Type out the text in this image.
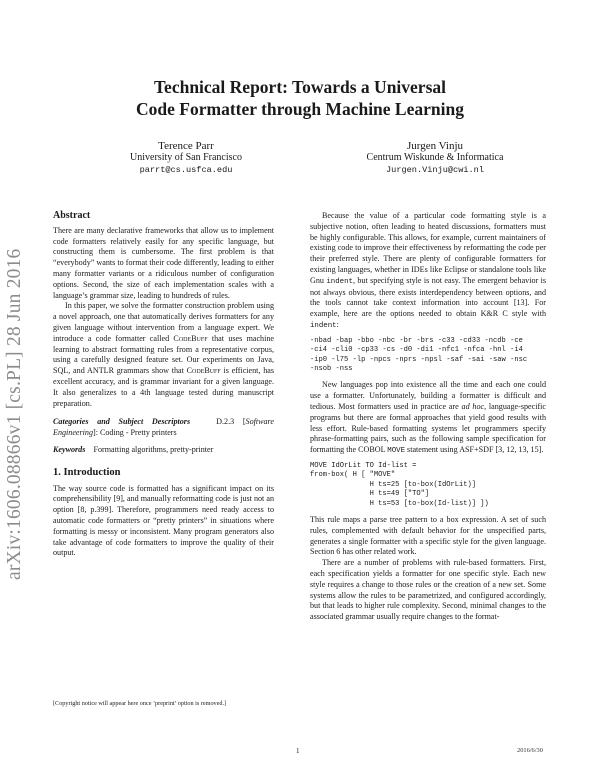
arXiv:1606.08866v1 [cs.PL] 28 Jun 2016
Technical Report: Towards a Universal
Code Formatter through Machine Learning
Terence Parr
University of San Francisco
parrt@cs.usfca.edu
Jurgen Vinju
Centrum Wiskunde & Informatica
Jurgen.Vinju@cwi.nl
Abstract

There are many declarative frameworks that allow us to implement code formatters relatively easily for any specific language, but constructing them is cumbersome. The first problem is that “everybody” wants to format their code differently, leading to either many formatter variants or a ridiculous number of configuration options. Second, the size of each implementation scales with a language’s grammar size, leading to hundreds of rules.

In this paper, we solve the formatter construction problem using a novel approach, one that automatically derives formatters for any given language without intervention from a language expert. We introduce a code formatter called CodeBuff that uses machine learning to abstract formatting rules from a representative corpus, using a carefully designed feature set. Our experiments on Java, SQL, and ANTLR grammars show that CodeBuff is efficient, has excellent accuracy, and is grammar invariant for a given language. It also generalizes to a 4th language tested during manuscript preparation.

Categories and Subject Descriptors	D.2.3 [Software Engineering]: Coding - Pretty printers

Keywords Formatting algorithms, pretty-printer

1. Introduction

The way source code is formatted has a significant impact on its comprehensibility [9], and manually reformatting code is just not an option [8, p.399]. Therefore, programmers need ready access to automatic code formatters or “pretty printers” in situations where formatting is messy or inconsistent. Many program generators also take advantage of code formatters to improve the quality of their output.

Because the value of a particular code formatting style is a subjective notion, often leading to heated discussions, formatters must be highly configurable. This allows, for example, current maintainers of existing code to improve their effectiveness by reformatting the code per their preferred style. There are plenty of configurable formatters for existing languages, whether in IDEs like Eclipse or standalone tools like Gnu indent, but specifying style is not easy. The emergent behavior is not always obvious, there exists interdependency between options, and the tools cannot take context information into account [13]. For example, here are the options needed to obtain K&R C style with indent:

-nbad -bap -bbo -nbc -br -brs -c33 -cd33 -ncdb -ce
-ci4 -cli0 -cp33 -cs -d0 -di1 -nfc1 -nfca -hnl -i4
-ip0 -l75 -lp -npcs -nprs -npsl -saf -sai -saw -nsc
-nsob -nss

New languages pop into existence all the time and each one could use a formatter. Unfortunately, building a formatter is difficult and tedious. Most formatters used in practice are ad hoc, language-specific programs but there are formal approaches that yield good results with less effort. Rule-based formatting systems let programmers specify phrase-formatting pairs, such as the following sample specification for formatting the COBOL MOVE statement using ASF+SDF [3, 12, 13, 15].

MOVE IdOrLit TO Id-list =
from-box( H [ "MOVE"
H ts=25 [to-box(IdOrLit)]
H ts=49 ["TO"]
H ts=53 [to-box(Id-list)] ])

This rule maps a parse tree pattern to a box expression. A set of such rules, complemented with default behavior for the unspecified parts, generates a single formatter with a specific style for the given language. Section 6 has other related work.

There are a number of problems with rule-based formatters. First, each specification yields a formatter for one specific style. Each new style requires a change to those rules or the creation of a new set. Some systems allow the rules to be parametrized, and configured accordingly, but that leads to higher rule complexity. Second, minimal changes to the associated grammar usually require changes to the format-

[Copyright notice will appear here once ’preprint’ option is removed.]
1	2016/6/30
